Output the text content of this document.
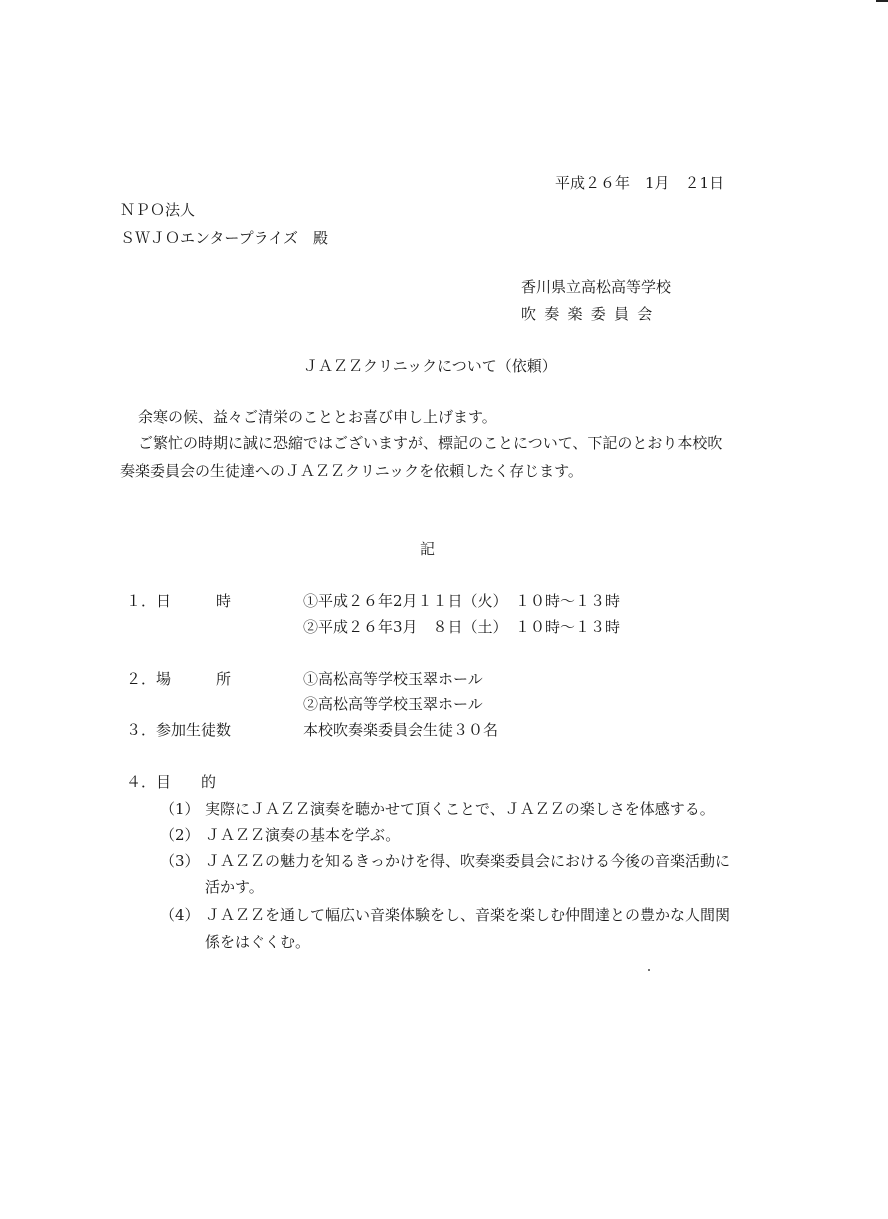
平成２６年　1月　２1日
ＮＰＯ法人
ＳＷＪＯエンタープライズ　殿
香川県立高松高等学校
吹奏楽委員会
ＪＡＺＺクリニックについて（依頼）
余寒の候、益々ご清栄のこととお喜び申し上げます。
ご繁忙の時期に誠に恐縮ではございますが、標記のことについて、下記のとおり本校吹
奏楽委員会の生徒達へのＪＡＺＺクリニックを依頼したく存じます。
記
１．日　　　時	①平成２６年2月１１日（火）　１０時～１３時
②平成２６年3月　８日（土）　１０時～１３時
２．場　　　所	①高松高等学校玉翠ホール
②高松高等学校玉翠ホール
３．参加生徒数	本校吹奏楽委員会生徒３０名
４．目　　的
（1） 実際にＪＡＺＺ演奏を聴かせて頂くことで、ＪＡＺＺの楽しさを体感する。
（2） ＪＡＺＺ演奏の基本を学ぶ。
（3） ＪＡＺＺの魅力を知るきっかけを得、吹奏楽委員会における今後の音楽活動に
活かす。
（4） ＪＡＺＺを通して幅広い音楽体験をし、音楽を楽しむ仲間達との豊かな人間関
係をはぐくむ。
